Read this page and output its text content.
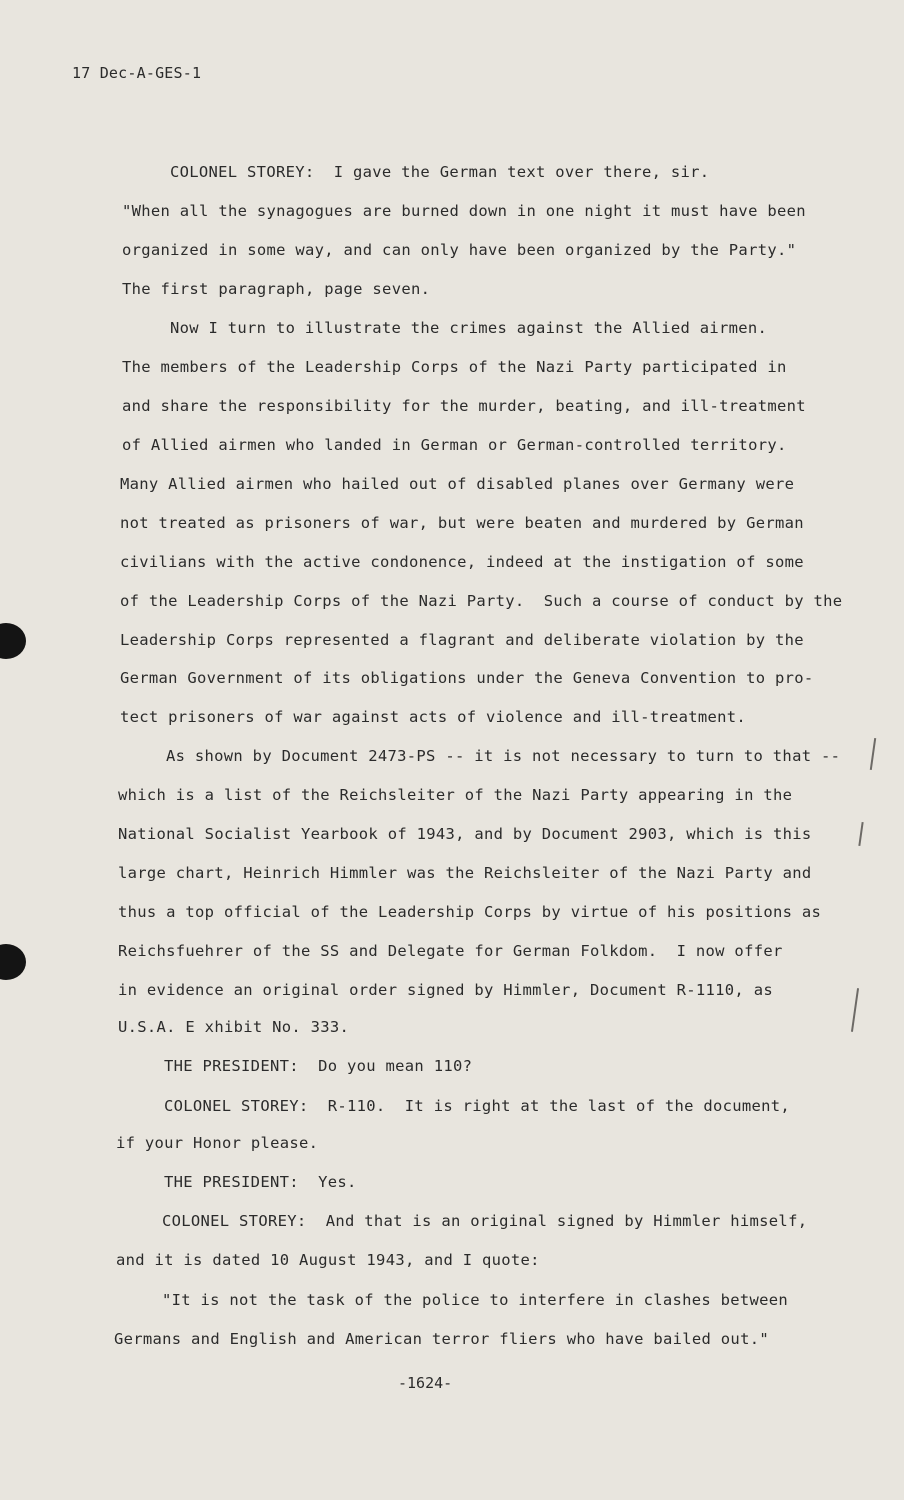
17 Dec-A-GES-1
COLONEL STOREY:  I gave the German text over there, sir.
"When all the synagogues are burned down in one night it must have been
organized in some way, and can only have been organized by the Party."
The first paragraph, page seven.
Now I turn to illustrate the crimes against the Allied airmen.
The members of the Leadership Corps of the Nazi Party participated in
and share the responsibility for the murder, beating, and ill-treatment
of Allied airmen who landed in German or German-controlled territory.
Many Allied airmen who hailed out of disabled planes over Germany were
not treated as prisoners of war, but were beaten and murdered by German
civilians with the active condonence, indeed at the instigation of some
of the Leadership Corps of the Nazi Party.  Such a course of conduct by the
Leadership Corps represented a flagrant and deliberate violation by the
German Government of its obligations under the Geneva Convention to pro-
tect prisoners of war against acts of violence and ill-treatment.
As shown by Document 2473-PS -- it is not necessary to turn to that --
which is a list of the Reichsleiter of the Nazi Party appearing in the
National Socialist Yearbook of 1943, and by Document 2903, which is this
large chart, Heinrich Himmler was the Reichsleiter of the Nazi Party and
thus a top official of the Leadership Corps by virtue of his positions as
Reichsfuehrer of the SS and Delegate for German Folkdom.  I now offer
in evidence an original order signed by Himmler, Document R-1110, as
U.S.A. E xhibit No. 333.
THE PRESIDENT:  Do you mean 110?
COLONEL STOREY:  R-110.  It is right at the last of the document,
if your Honor please.
THE PRESIDENT:  Yes.
COLONEL STOREY:  And that is an original signed by Himmler himself,
and it is dated 10 August 1943, and I quote:
"It is not the task of the police to interfere in clashes between
Germans and English and American terror fliers who have bailed out."
-1624-
